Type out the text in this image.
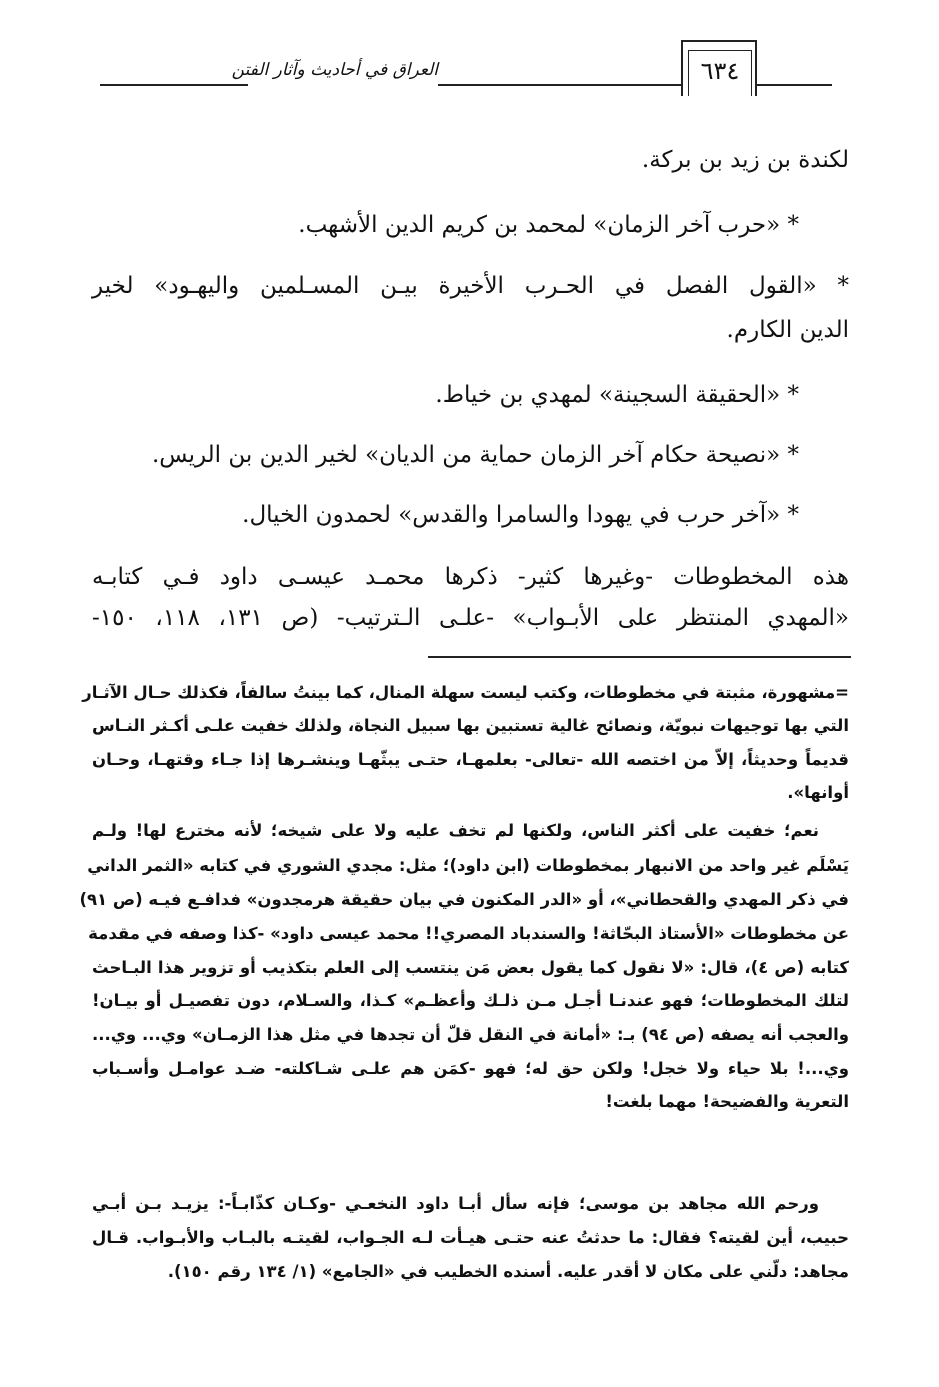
العراق في أحاديث وآثار الفتن	٦٣٤
لكندة بن زيد بن بركة.
* «حرب آخر الزمان» لمحمد بن كريم الدين الأشهب.
* «القول الفصل في الحـرب الأخيرة بيـن المسـلمين واليهـود» لخير
الدين الكارم.
* «الحقيقة السجينة» لمهدي بن خياط.
* «نصيحة حكام آخر الزمان حماية من الديان» لخير الدين بن الريس.
* «آخر حرب في يهودا والسامرا والقدس» لحمدون الخيال.
هذه المخطوطات -وغيرها كثير- ذكرها محمـد عيسـى داود فـي كتابـه
«المهدي المنتظر على الأبـواب» -علـى الـترتيب- (ص ١٣١، ١١٨، ١٥٠-
=مشهورة، مثبتة في مخطوطات، وكتب ليست سهلة المنال، كما بينتُ سالفاً، فكذلك حـال الآثـار
التي بها توجيهات نبويّة، ونصائح غالية تستبين بها سبيل النجاة، ولذلك خفيت علـى أكـثر النـاس
قديماً وحديثاً، إلاّ من اختصه الله -تعالى- بعلمهـا، حتـى يبثّهـا وينشـرها إذا جـاء وقتهـا، وحـان
أوانها».
نعم؛ خفيت على أكثر الناس، ولكنها لم تخف عليه ولا على شيخه؛ لأنه مخترع لها! ولـم
يَسْلَم غير واحد من الانبهار بمخطوطات (ابن داود)؛ مثل: مجدي الشوري في كتابه «الثمر الداني
في ذكر المهدي والقحطاني»، أو «الدر المكنون في بيان حقيقة هرمجدون» فدافـع فيـه (ص ٩١)
عن مخطوطات «الأستاذ البحّاثة! والسندباد المصري!! محمد عيسى داود» -كذا وصفه في مقدمة
كتابه (ص ٤)، قال: «لا نقول كما يقول بعض مَن ينتسب إلى العلم بتكذيب أو تزوير هذا البـاحث
لتلك المخطوطات؛ فهو عندنـا أجـل مـن ذلـك وأعظـم» كـذا، والسـلام، دون تفصيـل أو بيـان!
والعجب أنه يصفه (ص ٩٤) بـ: «أمانة في النقل قلّ أن تجدها في مثل هذا الزمـان» وي... وي...
وي...! بلا حياء ولا خجل! ولكن حق له؛ فهو -كمَن هم علـى شـاكلته- ضـد عوامـل وأسـباب
التعرية والفضيحة! مهما بلغت!
ورحم الله مجاهد بن موسى؛ فإنه سأل أبـا داود النخعـي -وكـان كذّابـاً-: يزيـد بـن أبـي
حبيب، أين لقيته؟ فقال: ما حدثتُ عنه حتـى هيـأت لـه الجـواب، لقيتـه بالبـاب والأبـواب. قـال
مجاهد: دلّني على مكان لا أقدر عليه. أسنده الخطيب في «الجامع» (١/ ١٣٤ رقم ١٥٠).
